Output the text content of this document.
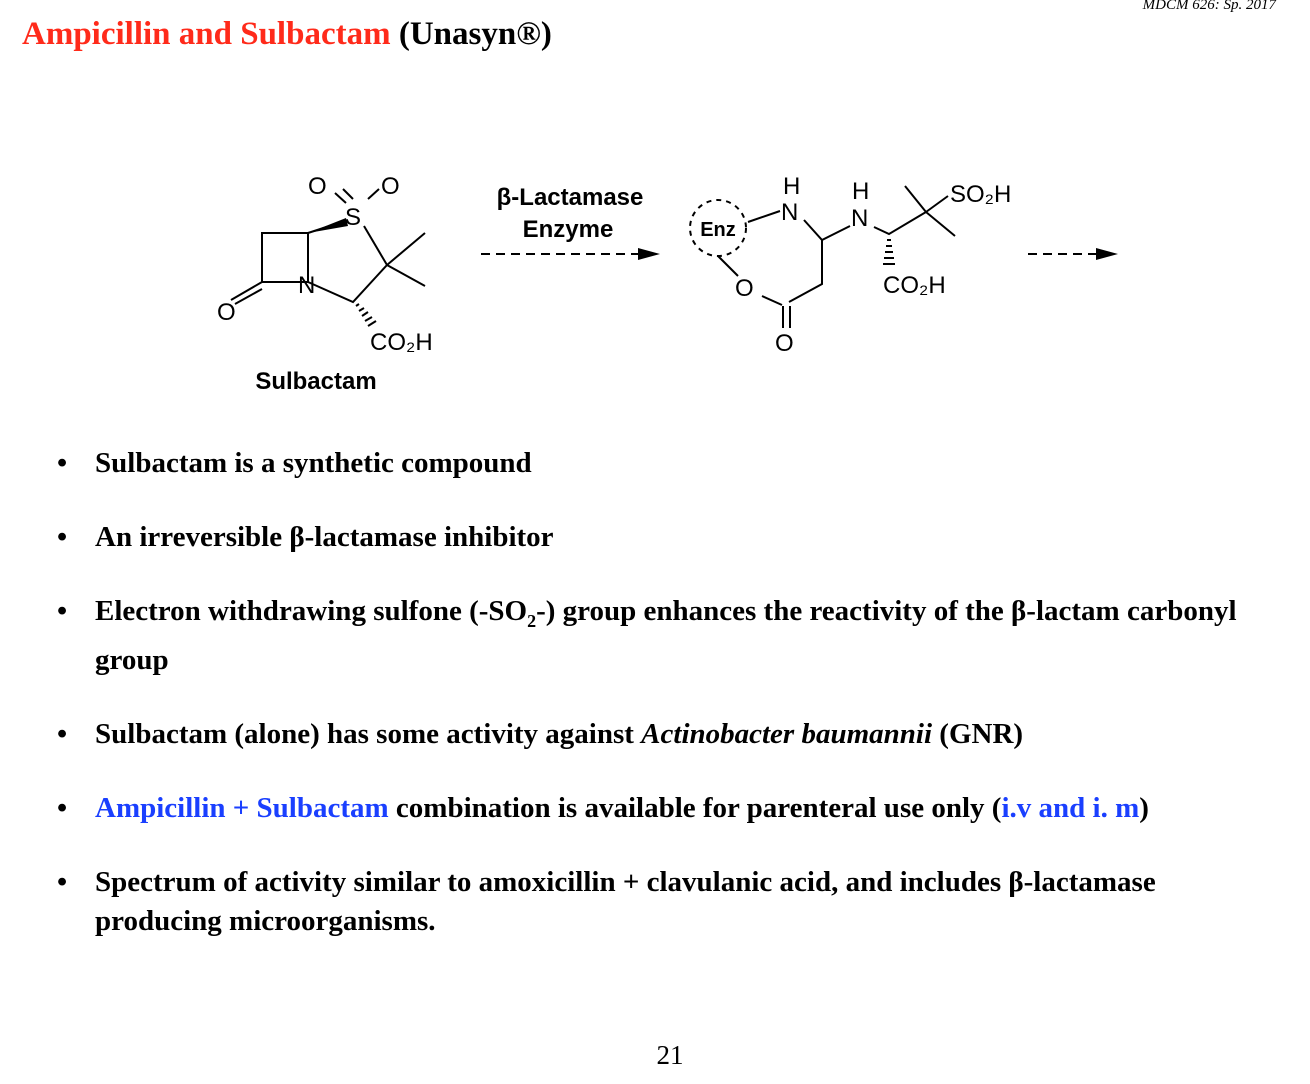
MDCM 626: Sp. 2017
Ampicillin and Sulbactam (Unasyn®)
O O
S
N
O
CO₂H
Sulbactam
β-Lactamase
Enzyme	Enz
H
N
H
N
O
O
CO₂H
SO₂H
• Sulbactam is a synthetic compound
• An irreversible β-lactamase inhibitor
• Electron withdrawing sulfone $(-SO_2-)$ group enhances the reactivity of the β-lactam carbonyl group
• Sulbactam (alone) has some activity against Actinobacter baumannii (GNR)
• Ampicillin + Sulbactam combination is available for parenteral use only (i.v and i. m)
• Spectrum of activity similar to amoxicillin + clavulanic acid, and includes β-lactamase producing microorganisms.
21
